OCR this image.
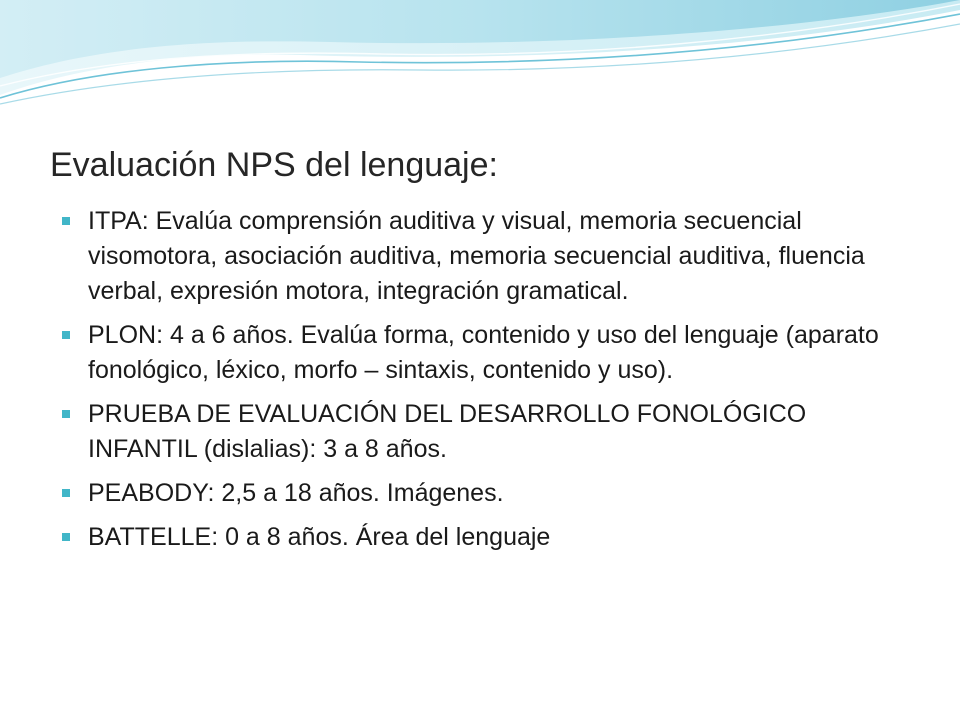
Evaluación NPS del lenguaje:
ITPA: Evalúa comprensión auditiva y visual, memoria secuencial visomotora, asociación auditiva, memoria secuencial auditiva, fluencia verbal, expresión motora, integración gramatical.
PLON: 4 a 6 años. Evalúa forma, contenido y uso del lenguaje (aparato fonológico, léxico, morfo – sintaxis, contenido y uso).
PRUEBA DE EVALUACIÓN DEL DESARROLLO FONOLÓGICO INFANTIL (dislalias): 3 a 8 años.
PEABODY: 2,5 a 18 años. Imágenes.
BATTELLE: 0 a 8 años. Área del lenguaje
